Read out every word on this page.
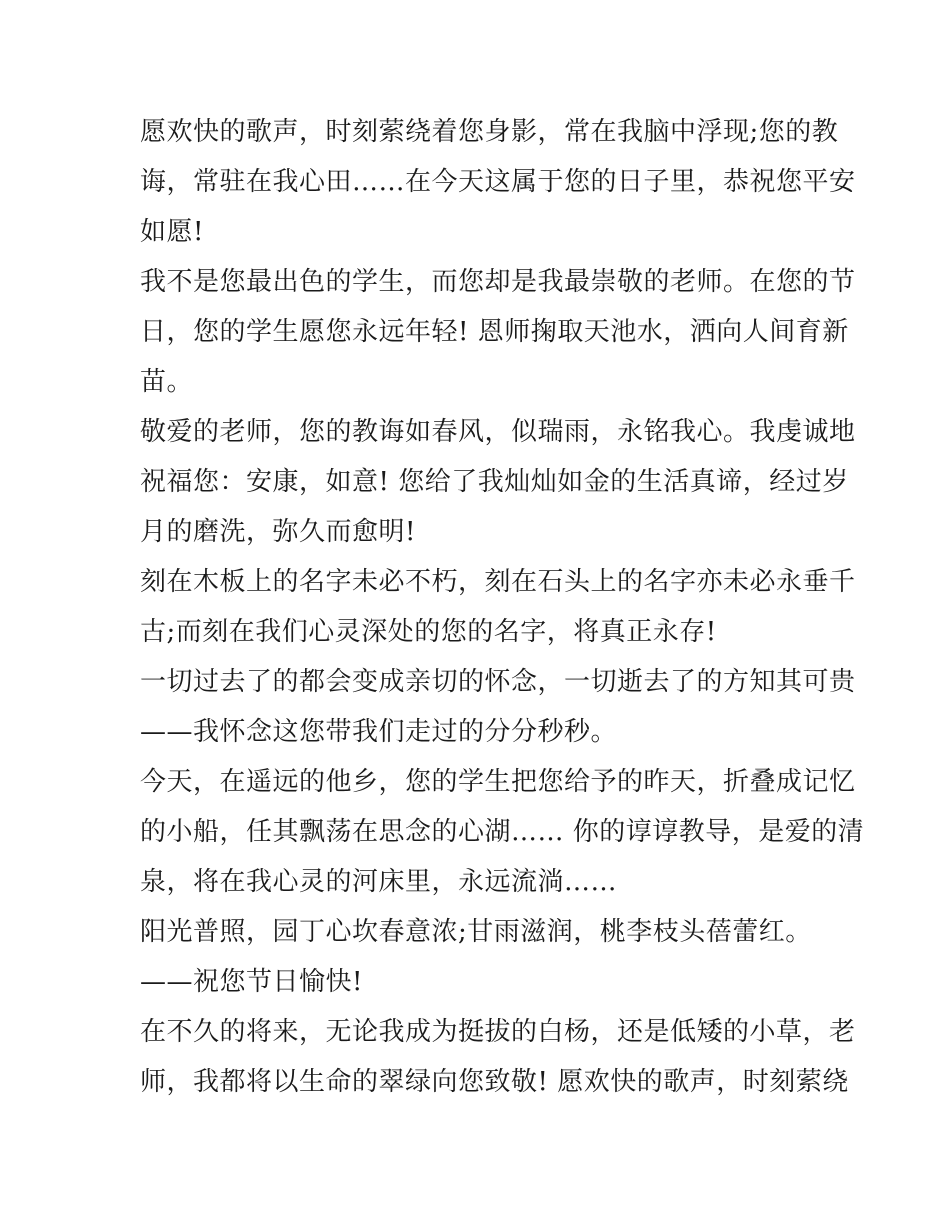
愿欢快的歌声，时刻萦绕着您身影，常在我脑中浮现;您的教
诲，常驻在我心田……在今天这属于您的日子里，恭祝您平安
如愿!
我不是您最出色的学生，而您却是我最崇敬的老师。在您的节
日，您的学生愿您永远年轻! 恩师掬取天池水，洒向人间育新
苗。
敬爱的老师，您的教诲如春风，似瑞雨，永铭我心。我虔诚地
祝福您：安康，如意! 您给了我灿灿如金的生活真谛，经过岁
月的磨洗，弥久而愈明!
刻在木板上的名字未必不朽，刻在石头上的名字亦未必永垂千
古;而刻在我们心灵深处的您的名字，将真正永存!
一切过去了的都会变成亲切的怀念，一切逝去了的方知其可贵
——我怀念这您带我们走过的分分秒秒。
今天，在遥远的他乡，您的学生把您给予的昨天，折叠成记忆
的小船，任其飘荡在思念的心湖…… 你的谆谆教导，是爱的清
泉，将在我心灵的河床里，永远流淌……
阳光普照，园丁心坎春意浓;甘雨滋润，桃李枝头蓓蕾红。
——祝您节日愉快!
在不久的将来，无论我成为挺拔的白杨，还是低矮的小草，老
师，我都将以生命的翠绿向您致敬! 愿欢快的歌声，时刻萦绕
